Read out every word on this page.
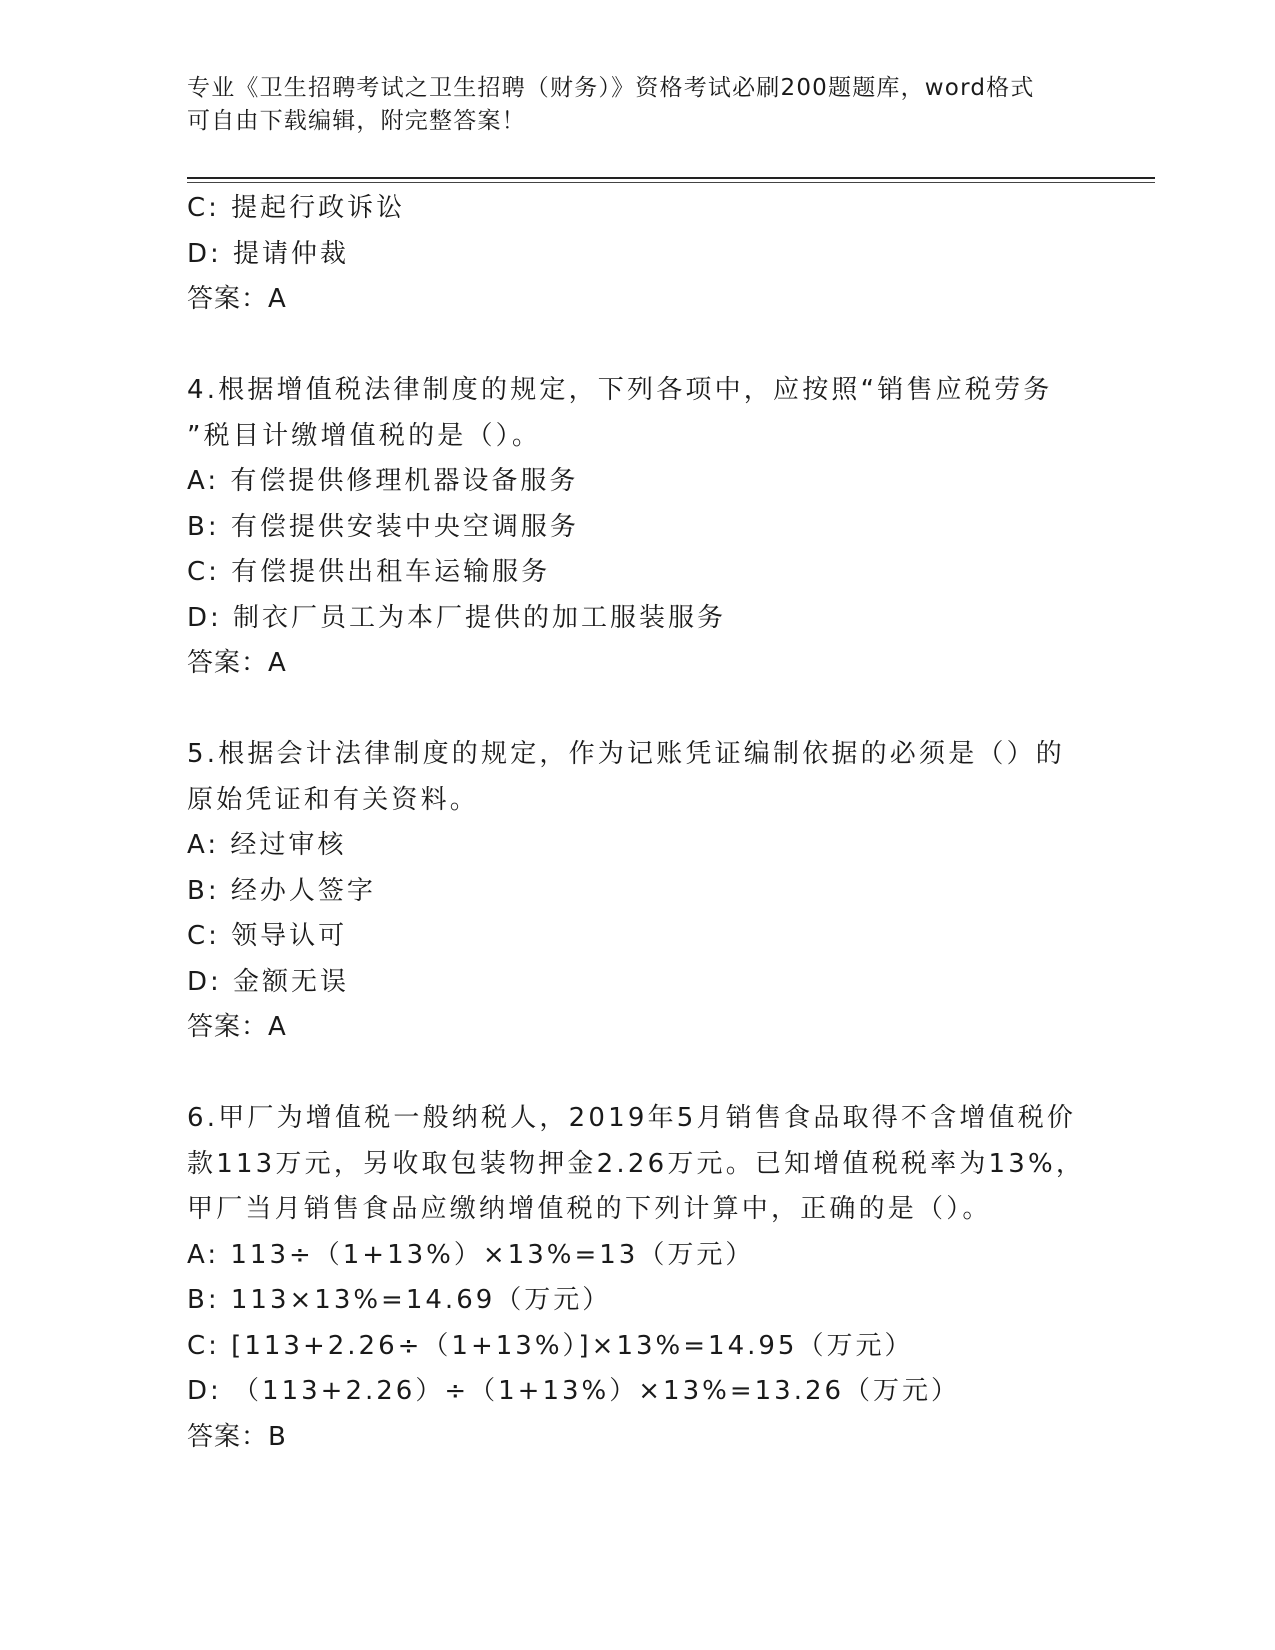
专业《卫生招聘考试之卫生招聘（财务）》资格考试必刷200题题库，word格式
可自由下载编辑，附完整答案！
C: 提起行政诉讼
D: 提请仲裁
答案：A
4.根据增值税法律制度的规定，下列各项中，应按照“销售应税劳务
”税目计缴增值税的是（）。
A: 有偿提供修理机器设备服务
B: 有偿提供安装中央空调服务
C: 有偿提供出租车运输服务
D: 制衣厂员工为本厂提供的加工服装服务
答案：A
5.根据会计法律制度的规定，作为记账凭证编制依据的必须是（）的
原始凭证和有关资料。
A: 经过审核
B: 经办人签字
C: 领导认可
D: 金额无误
答案：A
6.甲厂为增值税一般纳税人，2019年5月销售食品取得不含增值税价
款113万元，另收取包装物押金2.26万元。已知增值税税率为13%，
甲厂当月销售食品应缴纳增值税的下列计算中，正确的是（）。
A: 113÷（1+13%）×13%=13（万元）
B: 113×13%=14.69（万元）
C: [113+2.26÷（1+13%）]×13%=14.95（万元）
D: （113+2.26）÷（1+13%）×13%=13.26（万元）
答案：B
